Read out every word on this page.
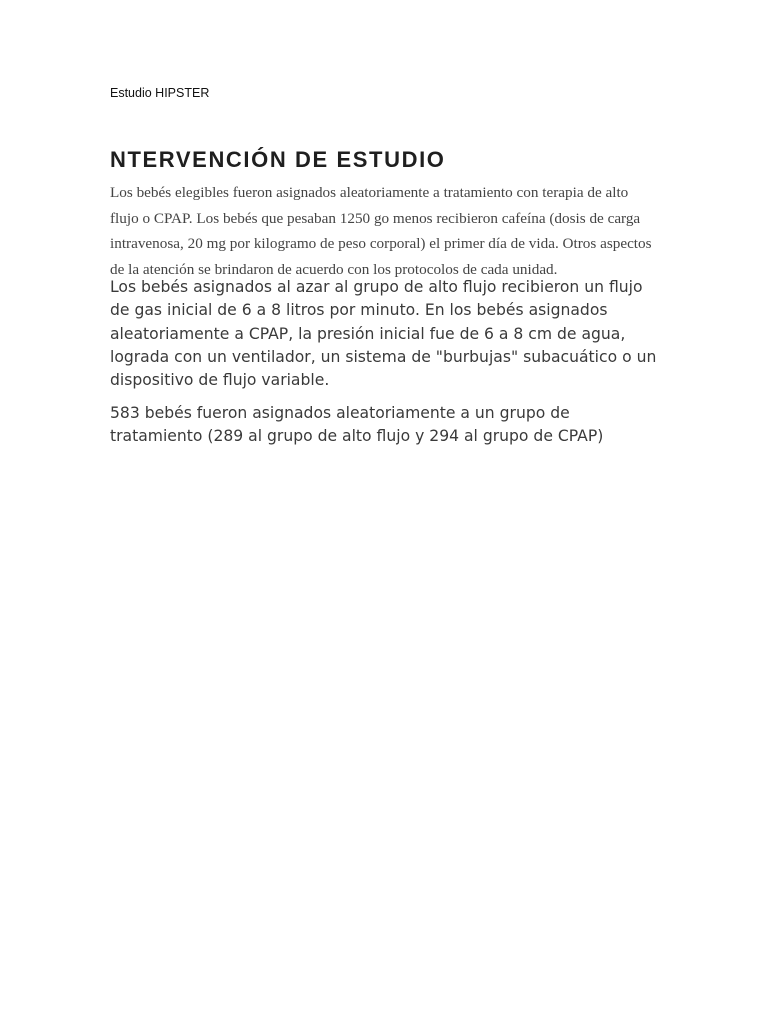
Estudio HIPSTER
NTERVENCIÓN DE ESTUDIO

Los bebés elegibles fueron asignados aleatoriamente a tratamiento con terapia de alto flujo o CPAP. Los bebés que pesaban 1250 go menos recibieron cafeína (dosis de carga intravenosa, 20 mg por kilogramo de peso corporal) el primer día de vida. Otros aspectos de la atención se brindaron de acuerdo con los protocolos de cada unidad.

Los bebés asignados al azar al grupo de alto flujo recibieron un flujo de gas inicial de 6 a 8 litros por minuto. En los bebés asignados aleatoriamente a CPAP, la presión inicial fue de 6 a 8 cm de agua, lograda con un ventilador, un sistema de "burbujas" subacuático o un dispositivo de flujo variable.

583 bebés fueron asignados aleatoriamente a un grupo de tratamiento (289 al grupo de alto flujo y 294 al grupo de CPAP)
